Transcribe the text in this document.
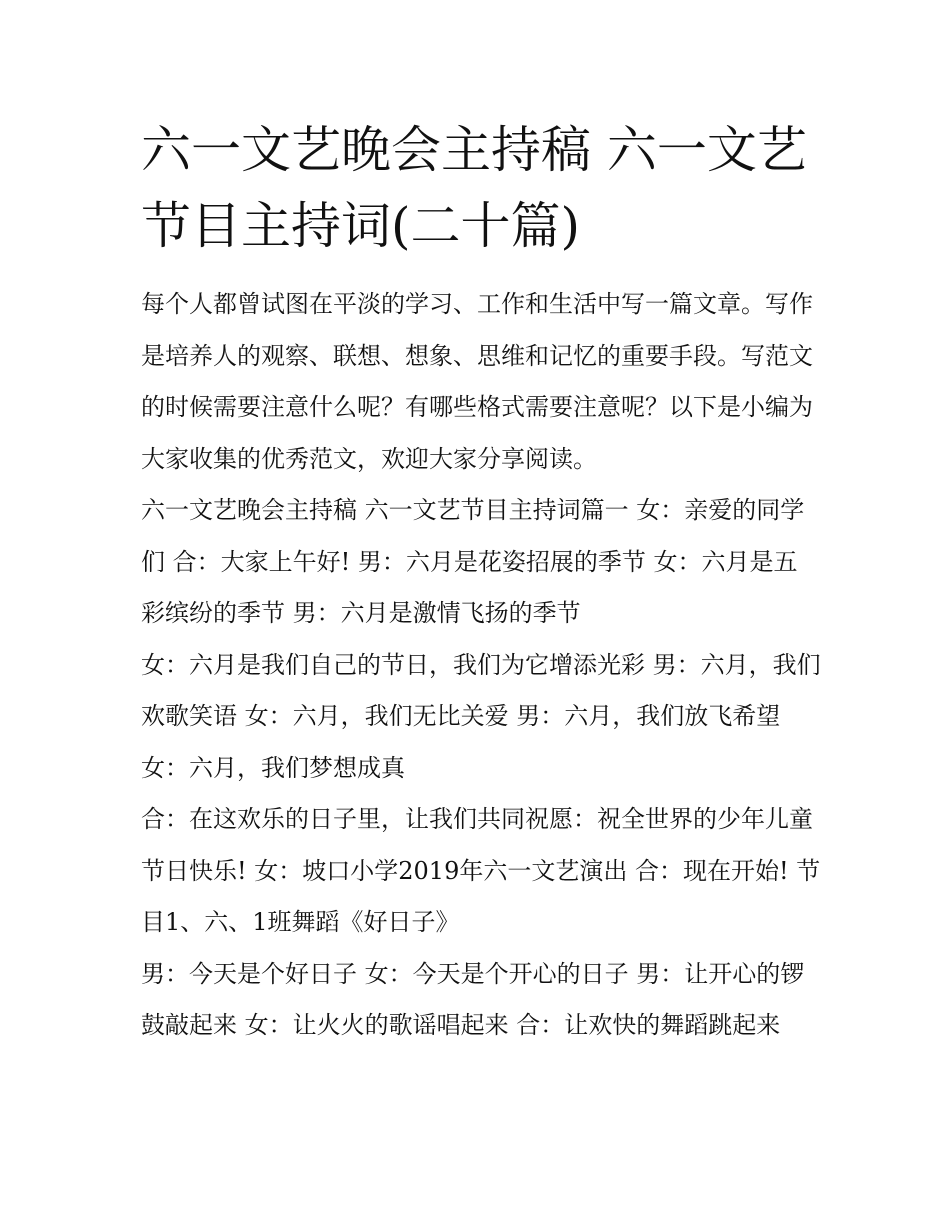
六一文艺晚会主持稿 六一文艺节目主持词(二十篇)

每个人都曾试图在平淡的学习、工作和生活中写一篇文章。写作是培养人的观察、联想、想象、思维和记忆的重要手段。写范文的时候需要注意什么呢？有哪些格式需要注意呢？以下是小编为大家收集的优秀范文，欢迎大家分享阅读。

六一文艺晚会主持稿 六一文艺节目主持词篇一 女：亲爱的同学们 合：大家上午好! 男：六月是花姿招展的季节 女：六月是五彩缤纷的季节 男：六月是激情飞扬的季节

女：六月是我们自己的节日，我们为它增添光彩 男：六月，我们欢歌笑语 女：六月，我们无比关爱 男：六月，我们放飞希望 女：六月，我们梦想成真

合：在这欢乐的日子里，让我们共同祝愿：祝全世界的少年儿童节日快乐! 女：坡口小学2019年六一文艺演出 合：现在开始! 节目1、六、1班舞蹈《好日子》

男：今天是个好日子 女：今天是个开心的日子 男：让开心的锣鼓敲起来 女：让火火的歌谣唱起来 合：让欢快的舞蹈跳起来
